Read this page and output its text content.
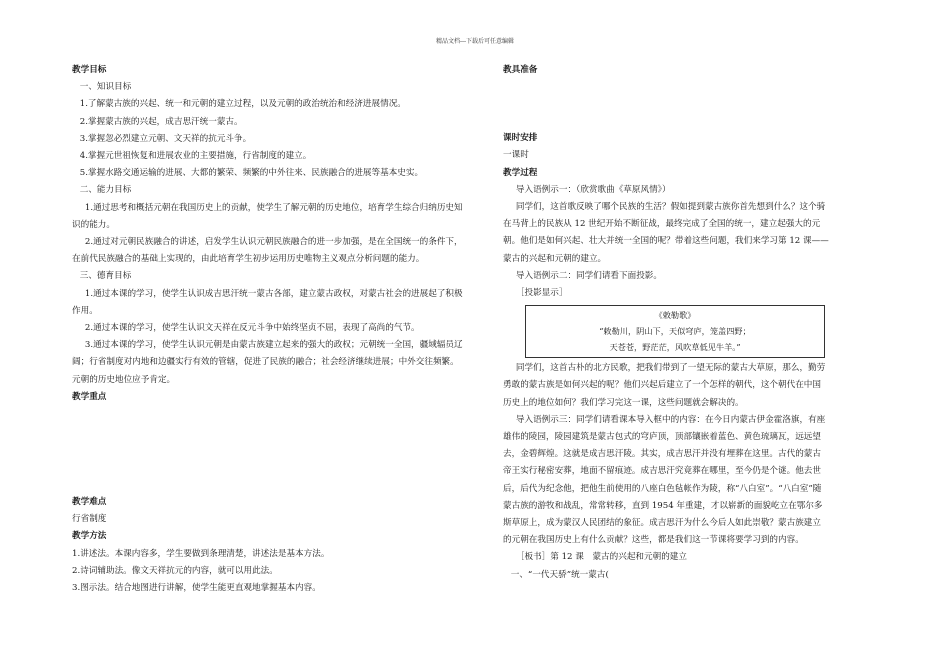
精品文档---下载后可任意编辑

教学目标

一、知识目标

1.了解蒙古族的兴起、统一和元朝的建立过程，以及元朝的政治统治和经济进展情况。

2.掌握蒙古族的兴起，成吉思汗统一蒙古。

3.掌握忽必烈建立元朝、文天祥的抗元斗争。

4.掌握元世祖恢复和进展农业的主要措施，行省制度的建立。

5.掌握水路交通运输的进展、大都的繁荣、频繁的中外往来、民族融合的进展等基本史实。

二、能力目标

1.通过思考和概括元朝在我国历史上的贡献，使学生了解元朝的历史地位，培育学生综合归纳历史知识的能力。

2.通过对元朝民族融合的讲述，启发学生认识元朝民族融合的进一步加强，是在全国统一的条件下，在前代民族融合的基础上实现的，由此培育学生初步运用历史唯物主义观点分析问题的能力。

三、德育目标

1.通过本课的学习，使学生认识成吉思汗统一蒙古各部，建立蒙古政权，对蒙古社会的进展起了积极作用。

2.通过本课的学习，使学生认识文天祥在反元斗争中始终坚贞不屈，表现了高尚的气节。

3.通过本课的学习，使学生认识元朝是由蒙古族建立起来的强大的政权；元朝统一全国，疆域辐员辽阔；行省制度对内地和边疆实行有效的管辖，促进了民族的融合；社会经济继续进展；中外交往频繁。元朝的历史地位应予肯定。

教学重点

教学难点

行省制度

教学方法

1.讲述法。本课内容多，学生要做到条理清楚，讲述法是基本方法。

2.诗词辅助法。像文天祥抗元的内容，就可以用此法。

3.图示法。结合地图进行讲解，使学生能更直观地掌握基本内容。

教具准备

课时安排

一课时

教学过程

导入语例示一：（欣赏歌曲《草原风情》）

同学们，这首歌反映了哪个民族的生活？假如提到蒙古族你首先想到什么？这个骑在马背上的民族从 12 世纪开始不断征战，最终完成了全国的统一，建立起强大的元朝。他们是如何兴起、壮大并统一全国的呢？带着这些问题，我们来学习第 12 课——蒙古的兴起和元朝的建立。

导入语例示二：同学们请看下面投影。

［投影显示］

《敕勒歌》
“敕勒川，阴山下，天似穹庐，笼盖四野；
天苍苍，野茫茫，风吹草低见牛羊。”

同学们，这首古朴的北方民歌，把我们带到了一望无际的蒙古大草原，那么，勤劳勇敢的蒙古族是如何兴起的呢？他们兴起后建立了一个怎样的朝代，这个朝代在中国历史上的地位如何？我们学习完这一课，这些问题就会解决的。

导入语例示三：同学们请看课本导入框中的内容：在今日内蒙古伊金霍洛旗，有座雄伟的陵园，陵园建筑是蒙古包式的穹庐顶，顶部镶嵌着蓝色、黄色琉璃瓦，远远望去，金碧辉煌。这就是成吉思汗陵。其实，成吉思汗并没有埋葬在这里。古代的蒙古帝王实行秘密安葬，地面不留痕迹。成吉思汗究竟葬在哪里，至今仍是个谜。他去世后，后代为纪念他，把他生前使用的八座白色毡帐作为陵，称“八白室”。“八白室”随蒙古族的游牧和战乱，常常转移，直到 1954 年重建，才以崭新的面貌屹立在鄂尔多斯草原上，成为蒙汉人民团结的象征。成吉思汗为什么今后人如此崇敬？蒙古族建立的元朝在我国历史上有什么贡献？这些，都是我们这一节课将要学习到的内容。

［板书］第 12 课　蒙古的兴起和元朝的建立

一、“一代天骄”统一蒙古(
